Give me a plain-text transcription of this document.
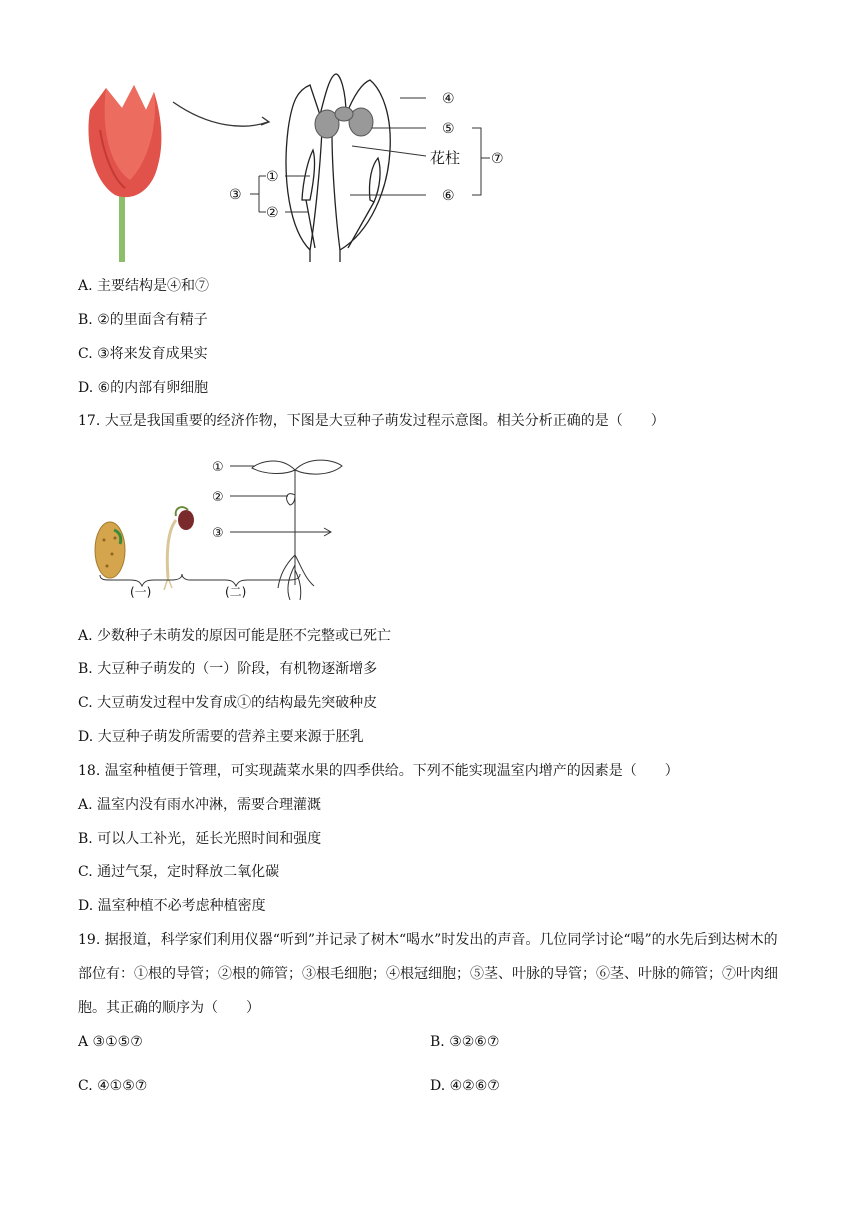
④
⑤
花柱
⑥
⑦
①
②
③
A. 主要结构是④和⑦
B. ②的里面含有精子
C. ③将来发育成果实
D. ⑥的内部有卵细胞
17. 大豆是我国重要的经济作物，下图是大豆种子萌发过程示意图。相关分析正确的是（　　）
①
②
③
(一)	(二)
A. 少数种子未萌发的原因可能是胚不完整或已死亡
B. 大豆种子萌发的（一）阶段，有机物逐渐增多
C. 大豆萌发过程中发育成①的结构最先突破种皮
D. 大豆种子萌发所需要的营养主要来源于胚乳
18. 温室种植便于管理，可实现蔬菜水果的四季供给。下列不能实现温室内增产的因素是（　　）
A. 温室内没有雨水冲淋，需要合理灌溉
B. 可以人工补光，延长光照时间和强度
C. 通过气泵，定时释放二氧化碳
D. 温室种植不必考虑种植密度
19. 据报道，科学家们利用仪器“听到”并记录了树木“喝水”时发出的声音。几位同学讨论“喝”的水先后到达树木的部位有：①根的导管；②根的筛管；③根毛细胞；④根冠细胞；⑤茎、叶脉的导管；⑥茎、叶脉的筛管；⑦叶肉细胞。其正确的顺序为（　　）
A ③①⑤⑦	B. ③②⑥⑦
C. ④①⑤⑦	D. ④②⑥⑦
